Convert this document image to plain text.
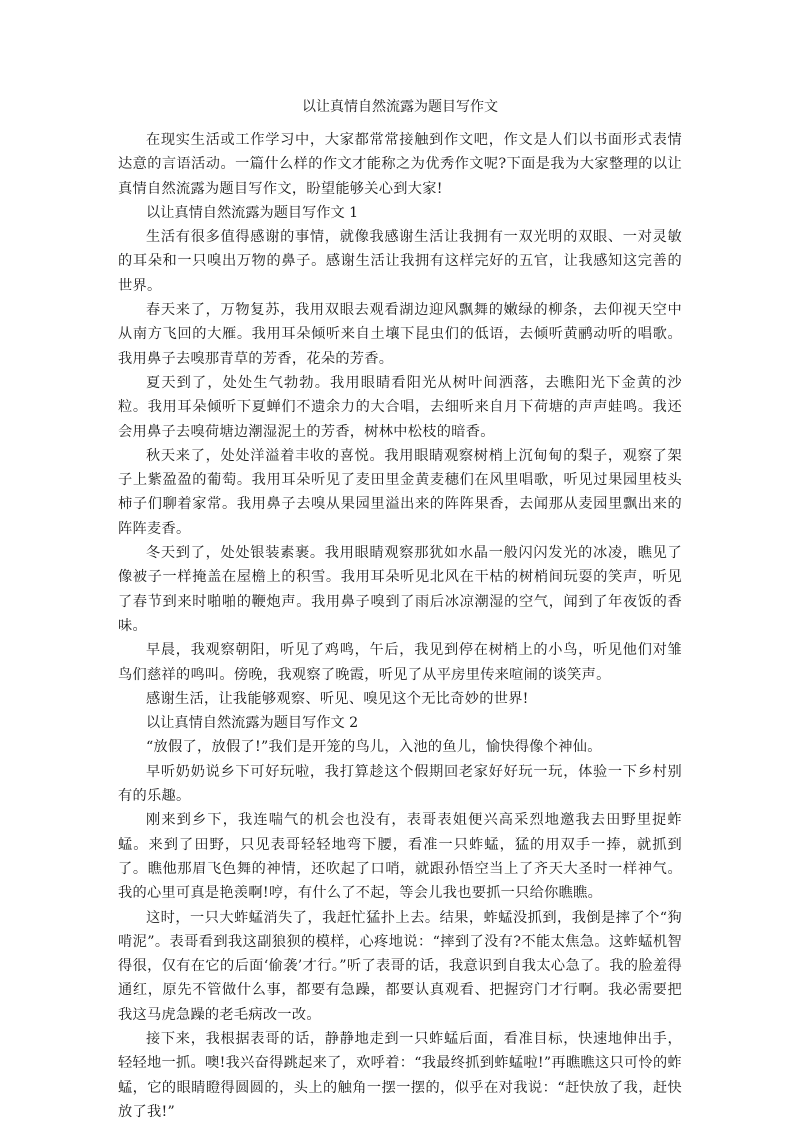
以让真情自然流露为题目写作文

在现实生活或工作学习中，大家都常常接触到作文吧，作文是人们以书面形式表情达意的言语活动。一篇什么样的作文才能称之为优秀作文呢?下面是我为大家整理的以让真情自然流露为题目写作文，盼望能够关心到大家!

以让真情自然流露为题目写作文 1

生活有很多值得感谢的事情，就像我感谢生活让我拥有一双光明的双眼、一对灵敏的耳朵和一只嗅出万物的鼻子。感谢生活让我拥有这样完好的五官，让我感知这完善的世界。

春天来了，万物复苏，我用双眼去观看湖边迎风飘舞的嫩绿的柳条，去仰视天空中从南方飞回的大雁。我用耳朵倾听来自土壤下昆虫们的低语，去倾听黄鹂动听的唱歌。我用鼻子去嗅那青草的芳香，花朵的芳香。

夏天到了，处处生气勃勃。我用眼睛看阳光从树叶间洒落，去瞧阳光下金黄的沙粒。我用耳朵倾听下夏蝉们不遗余力的大合唱，去细听来自月下荷塘的声声蛙鸣。我还会用鼻子去嗅荷塘边潮湿泥土的芳香，树林中松枝的暗香。

秋天来了，处处洋溢着丰收的喜悦。我用眼睛观察树梢上沉甸甸的梨子，观察了架子上紫盈盈的葡萄。我用耳朵听见了麦田里金黄麦穗们在风里唱歌，听见过果园里枝头柿子们聊着家常。我用鼻子去嗅从果园里溢出来的阵阵果香，去闻那从麦园里飘出来的阵阵麦香。

冬天到了，处处银装素裹。我用眼睛观察那犹如水晶一般闪闪发光的冰凌，瞧见了像被子一样掩盖在屋檐上的积雪。我用耳朵听见北风在干枯的树梢间玩耍的笑声，听见了春节到来时啪啪的鞭炮声。我用鼻子嗅到了雨后冰凉潮湿的空气，闻到了年夜饭的香味。

早晨，我观察朝阳，听见了鸡鸣，午后，我见到停在树梢上的小鸟，听见他们对雏鸟们慈祥的鸣叫。傍晚，我观察了晚霞，听见了从平房里传来喧闹的谈笑声。

感谢生活，让我能够观察、听见、嗅见这个无比奇妙的世界!

以让真情自然流露为题目写作文 2

“放假了，放假了!”我们是开笼的鸟儿，入池的鱼儿，愉快得像个神仙。

早听奶奶说乡下可好玩啦，我打算趁这个假期回老家好好玩一玩，体验一下乡村别有的乐趣。

刚来到乡下，我连喘气的机会也没有，表哥表姐便兴高采烈地邀我去田野里捉蚱蜢。来到了田野，只见表哥轻轻地弯下腰，看准一只蚱蜢，猛的用双手一捧，就抓到了。瞧他那眉飞色舞的神情，还吹起了口哨，就跟孙悟空当上了齐天大圣时一样神气。我的心里可真是艳羡啊!哼，有什么了不起，等会儿我也要抓一只给你瞧瞧。

这时，一只大蚱蜢消失了，我赶忙猛扑上去。结果，蚱蜢没抓到，我倒是摔了个“狗啃泥”。表哥看到我这副狼狈的模样，心疼地说：“摔到了没有?不能太焦急。这蚱蜢机智得很，仅有在它的后面‘偷袭’才行。”听了表哥的话，我意识到自我太心急了。我的脸羞得通红，原先不管做什么事，都要有急躁，都要认真观看、把握窍门才行啊。我必需要把我这马虎急躁的老毛病改一改。

接下来，我根据表哥的话，静静地走到一只蚱蜢后面，看准目标，快速地伸出手，轻轻地一抓。噢!我兴奋得跳起来了，欢呼着：“我最终抓到蚱蜢啦!”再瞧瞧这只可怜的蚱蜢，它的眼睛瞪得圆圆的，头上的触角一摆一摆的，似乎在对我说：“赶快放了我，赶快放了我!”
